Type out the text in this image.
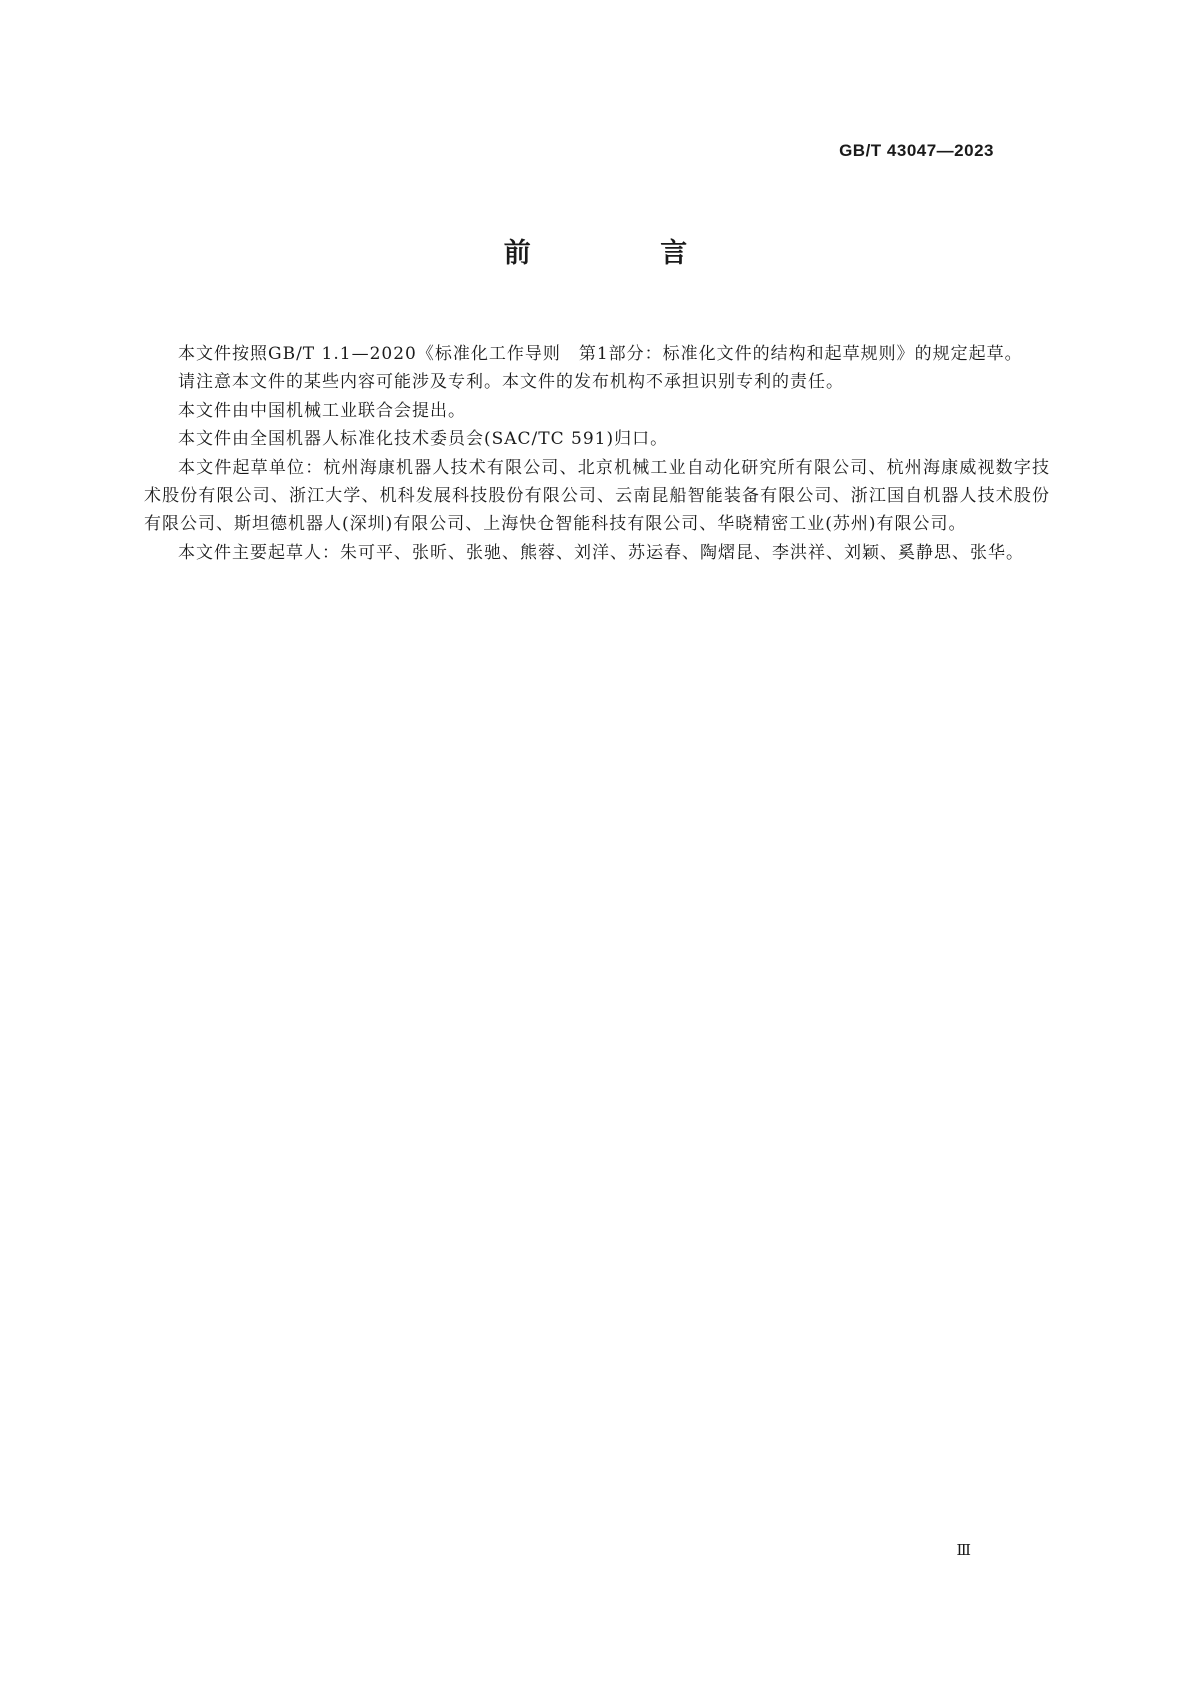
GB/T 43047—2023
前　言

本文件按照GB/T 1.1—2020《标准化工作导则　第1部分：标准化文件的结构和起草规则》的规定起草。

请注意本文件的某些内容可能涉及专利。本文件的发布机构不承担识别专利的责任。

本文件由中国机械工业联合会提出。

本文件由全国机器人标准化技术委员会(SAC/TC 591)归口。

本文件起草单位：杭州海康机器人技术有限公司、北京机械工业自动化研究所有限公司、杭州海康威视数字技术股份有限公司、浙江大学、机科发展科技股份有限公司、云南昆船智能装备有限公司、浙江国自机器人技术股份有限公司、斯坦德机器人(深圳)有限公司、上海快仓智能科技有限公司、华晓精密工业(苏州)有限公司。

本文件主要起草人：朱可平、张昕、张驰、熊蓉、刘洋、苏运春、陶熠昆、李洪祥、刘颖、奚静思、张华。

Ⅲ
